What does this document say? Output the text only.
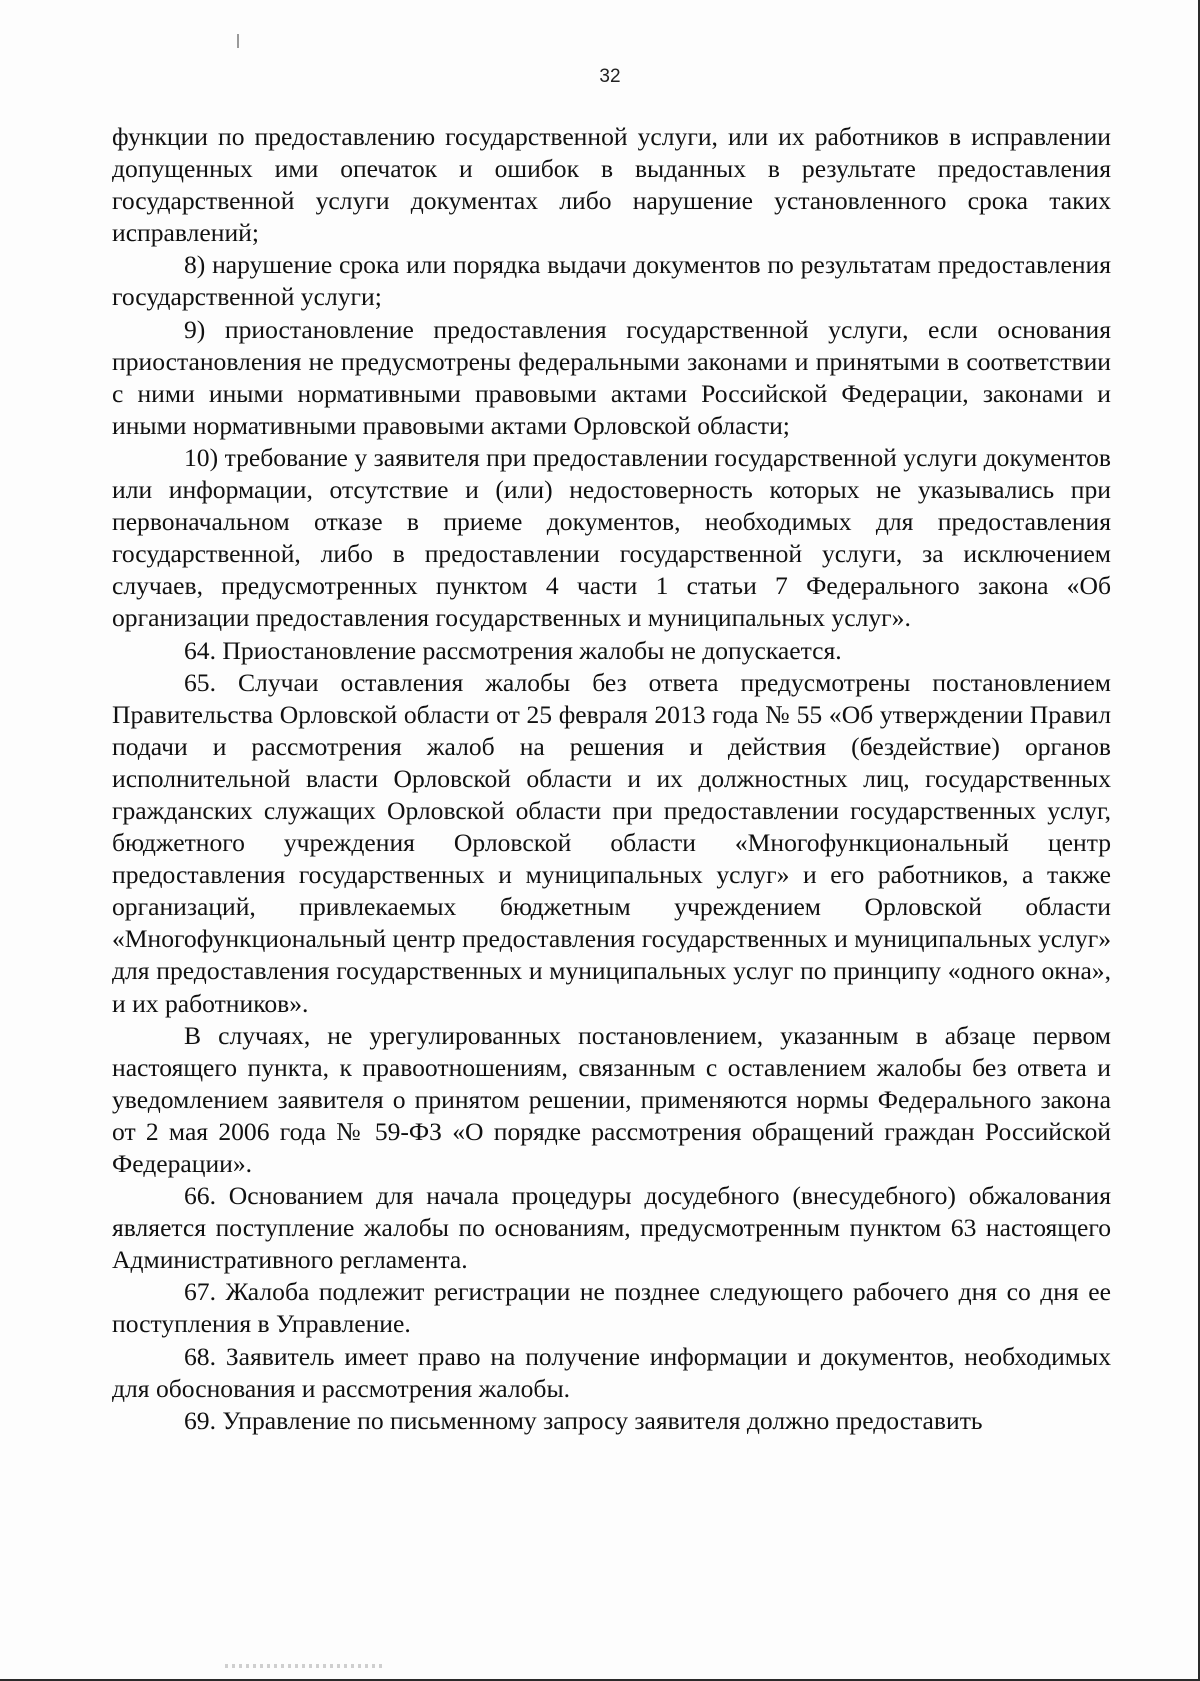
32

функции по предоставлению государственной услуги, или их работников в исправлении допущенных ими опечаток и ошибок в выданных в результате предоставления государственной услуги документах либо нарушение установленного срока таких исправлений;

8) нарушение срока или порядка выдачи документов по результатам предоставления государственной услуги;

9) приостановление предоставления государственной услуги, если основания приостановления не предусмотрены федеральными законами и принятыми в соответствии с ними иными нормативными правовыми актами Российской Федерации, законами и иными нормативными правовыми актами Орловской области;

10) требование у заявителя при предоставлении государственной услуги документов или информации, отсутствие и (или) недостоверность которых не указывались при первоначальном отказе в приеме документов, необходимых для предоставления государственной, либо в предоставлении государственной услуги, за исключением случаев, предусмотренных пунктом 4 части 1 статьи 7 Федерального закона «Об организации предоставления государственных и муниципальных услуг».

64. Приостановление рассмотрения жалобы не допускается.

65. Случаи оставления жалобы без ответа предусмотрены постановлением Правительства Орловской области от 25 февраля 2013 года № 55 «Об утверждении Правил подачи и рассмотрения жалоб на решения и действия (бездействие) органов исполнительной власти Орловской области и их должностных лиц, государственных гражданских служащих Орловской области при предоставлении государственных услуг, бюджетного учреждения Орловской области «Многофункциональный центр предоставления государственных и муниципальных услуг» и его работников, а также организаций, привлекаемых бюджетным учреждением Орловской области «Многофункциональный центр предоставления государственных и муниципальных услуг» для предоставления государственных и муниципальных услуг по принципу «одного окна», и их работников».

В случаях, не урегулированных постановлением, указанным в абзаце первом настоящего пункта, к правоотношениям, связанным с оставлением жалобы без ответа и уведомлением заявителя о принятом решении, применяются нормы Федерального закона от 2 мая 2006 года № 59-ФЗ «О порядке рассмотрения обращений граждан Российской Федерации».

66. Основанием для начала процедуры досудебного (внесудебного) обжалования является поступление жалобы по основаниям, предусмотренным пунктом 63 настоящего Административного регламента.

67. Жалоба подлежит регистрации не позднее следующего рабочего дня со дня ее поступления в Управление.

68. Заявитель имеет право на получение информации и документов, необходимых для обоснования и рассмотрения жалобы.

69. Управление по письменному запросу заявителя должно предоставить
